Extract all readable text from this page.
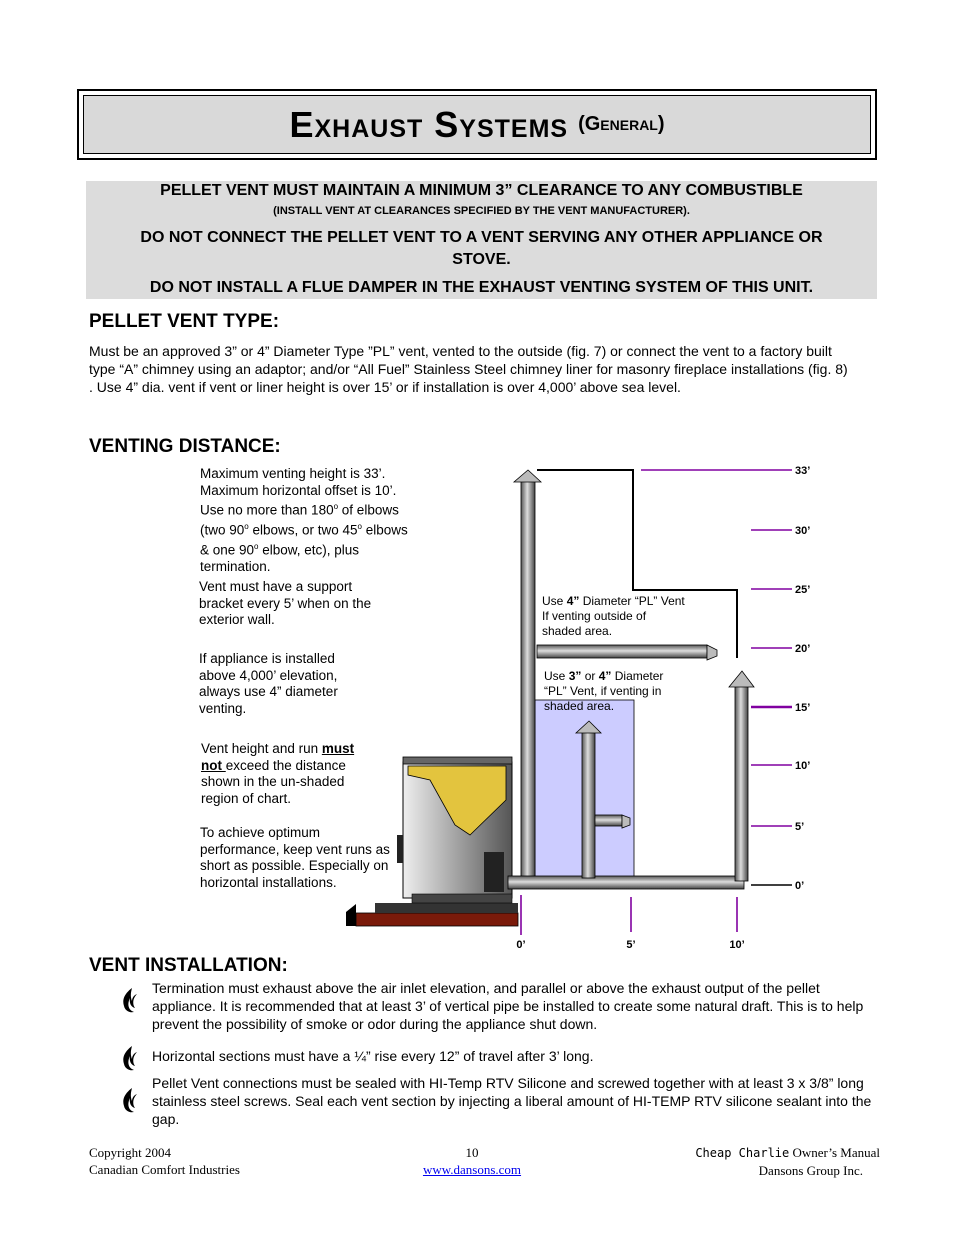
Exhaust Systems (General)
PELLET VENT MUST MAINTAIN A MINIMUM 3” CLEARANCE TO ANY COMBUSTIBLE
(INSTALL VENT AT CLEARANCES SPECIFIED BY THE VENT MANUFACTURER).
DO NOT CONNECT THE PELLET VENT TO A VENT SERVING ANY OTHER APPLIANCE OR STOVE.
DO NOT INSTALL A FLUE DAMPER IN THE EXHAUST VENTING SYSTEM OF THIS UNIT.
PELLET VENT TYPE:
Must be an approved 3” or 4” Diameter Type ”PL” vent, vented to the outside (fig. 7) or connect the vent to a factory built type “A” chimney using an adaptor; and/or “All Fuel” Stainless Steel chimney liner for masonry fireplace installations (fig. 8) . Use 4” dia. vent if vent or liner height is over 15’ or if installation is over 4,000’ above sea level.
VENTING DISTANCE:
Maximum venting height is 33’.
Maximum horizontal offset is 10’.
Use no more than 180$^o$ of elbows
(two 90$^o$ elbows, or two 45$^o$ elbows
& one 90$^o$ elbow, etc), plus
termination.
Vent must have a support bracket every 5’ when on the exterior wall.
If appliance is installed above 4,000’ elevation, always use 4” diameter venting.
Vent height and run must
not exceed the distance shown in the un-shaded region of chart.
To achieve optimum performance, keep vent runs as short as possible. Especially on horizontal installations.
33’
30’
25’
20’
15’
10’
5’
0’
0’	5’	10’
Use 4” Diameter “PL” Vent
If venting outside of
shaded area.
Use 3” or 4” Diameter
“PL” Vent, if venting in
shaded area.
VENT INSTALLATION:
Termination must exhaust above the air inlet elevation, and parallel or above the exhaust output of the pellet appliance. It is recommended that at least 3’ of vertical pipe be installed to create some natural draft. This is to help prevent the possibility of smoke or odor during the appliance shut down.
Horizontal sections must have a ¼” rise every 12” of travel after 3’ long.
Pellet Vent connections must be sealed with HI-Temp RTV Silicone and screwed together with at least 3 x 3/8” long stainless steel screws. Seal each vent section by injecting a liberal amount of HI-TEMP RTV silicone sealant into the gap.
Copyright 2004
Canadian Comfort Industries
10
www.dansons.com
Cheap Charlie Owner’s Manual
Dansons Group Inc.
